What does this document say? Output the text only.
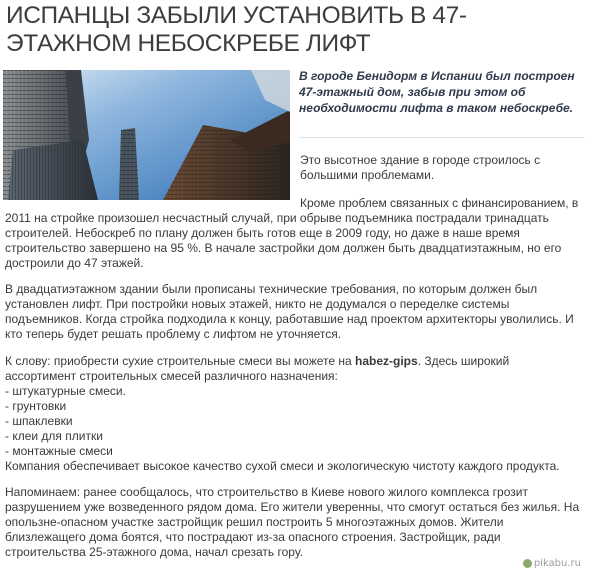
ИСПАНЦЫ ЗАБЫЛИ УСТАНОВИТЬ В 47-ЭТАЖНОМ НЕБОСКРЕБЕ ЛИФТ
В городе Бенидорм в Испании был построен 47-этажный дом, забыв при этом об необходимости лифта в таком небоскребе.

Это высотное здание в городе строилось с большими проблемами.

Кроме проблем связанных с финансированием, в 2011 на стройке произошел несчастный случай, при обрыве подъемника пострадали тринадцать строителей. Небоскреб по плану должен быть готов еще в 2009 году, но даже в наше время строительство завершено на 95 %. В начале застройки дом должен быть двадцатиэтажным, но его достроили до 47 этажей.

В двадцатиэтажном здании были прописаны технические требования, по которым должен был установлен лифт. При постройки новых этажей, никто не додумался о переделке системы подъемников. Когда стройка подходила к концу, работавшие над проектом архитекторы уволились. И кто теперь будет решать проблему с лифтом не уточняется.

К слову: приобрести сухие строительные смеси вы можете на habez-gips. Здесь широкий ассортимент строительных смесей различного назначения:
- штукатурные смеси.
- грунтовки
- шпаклевки
- клеи для плитки
- монтажные смеси
Компания обеспечивает высокое качество сухой смеси и экологическую чистоту каждого продукта.

Напоминаем: ранее сообщалось, что строительство в Киеве нового жилого комплекса грозит разрушением уже возведенного рядом дома. Его жители уверенны, что смогут остаться без жилья. На опользне-опасном участке застройщик решил построить 5 многоэтажных домов. Жители близлежащего дома боятся, что пострадают из-за опасного строения. Застройщик, ради строительства 25-этажного дома, начал срезать гору.

pikabu.ru
